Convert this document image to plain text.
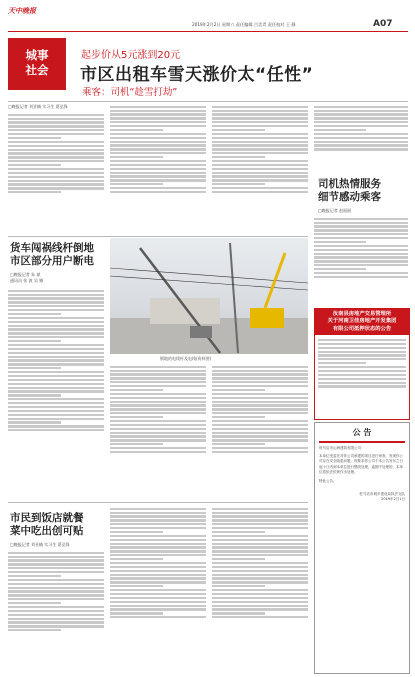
天中晚报
2019年2月2日 星期六 责任编辑 吕美青 责任校对 王 静	A07
城事
社会
起步价从5元涨到20元
市区出租车雪天涨价太“任性”
乘客：司机“趁雪打劫”
□晚报记者 刘亚楠 实习生 葛弘锋
司机热情服务
细节感动乘客
□晚报记者 赵丽丽
货车闯祸线杆倒地
市区部分用户断电
□晚报记者 朱 斌
通讯员 张 波 吴 娜
倒地的电线杆及电线(资料图)
汝南县房地产交易管理所
关于河南卫佳房地产开发集团
有限公司抵押状态的公告
市民到饭店就餐
菜中吃出创可贴
□晚报记者 刘亚楠 实习生 葛弘锋
公 告
驻马店市山海建筑有限公司：
本单位受委托对你公司承建的项目进行审查，发现你公司存在安全隐患问题，现要求你公司于本公告发布之日起十日内到本单位进行整改处理，逾期不处理的，本单位将依法依规作出处理。
特此公告。
驻马店市城乡建设局执法支队
2019年2月1日
